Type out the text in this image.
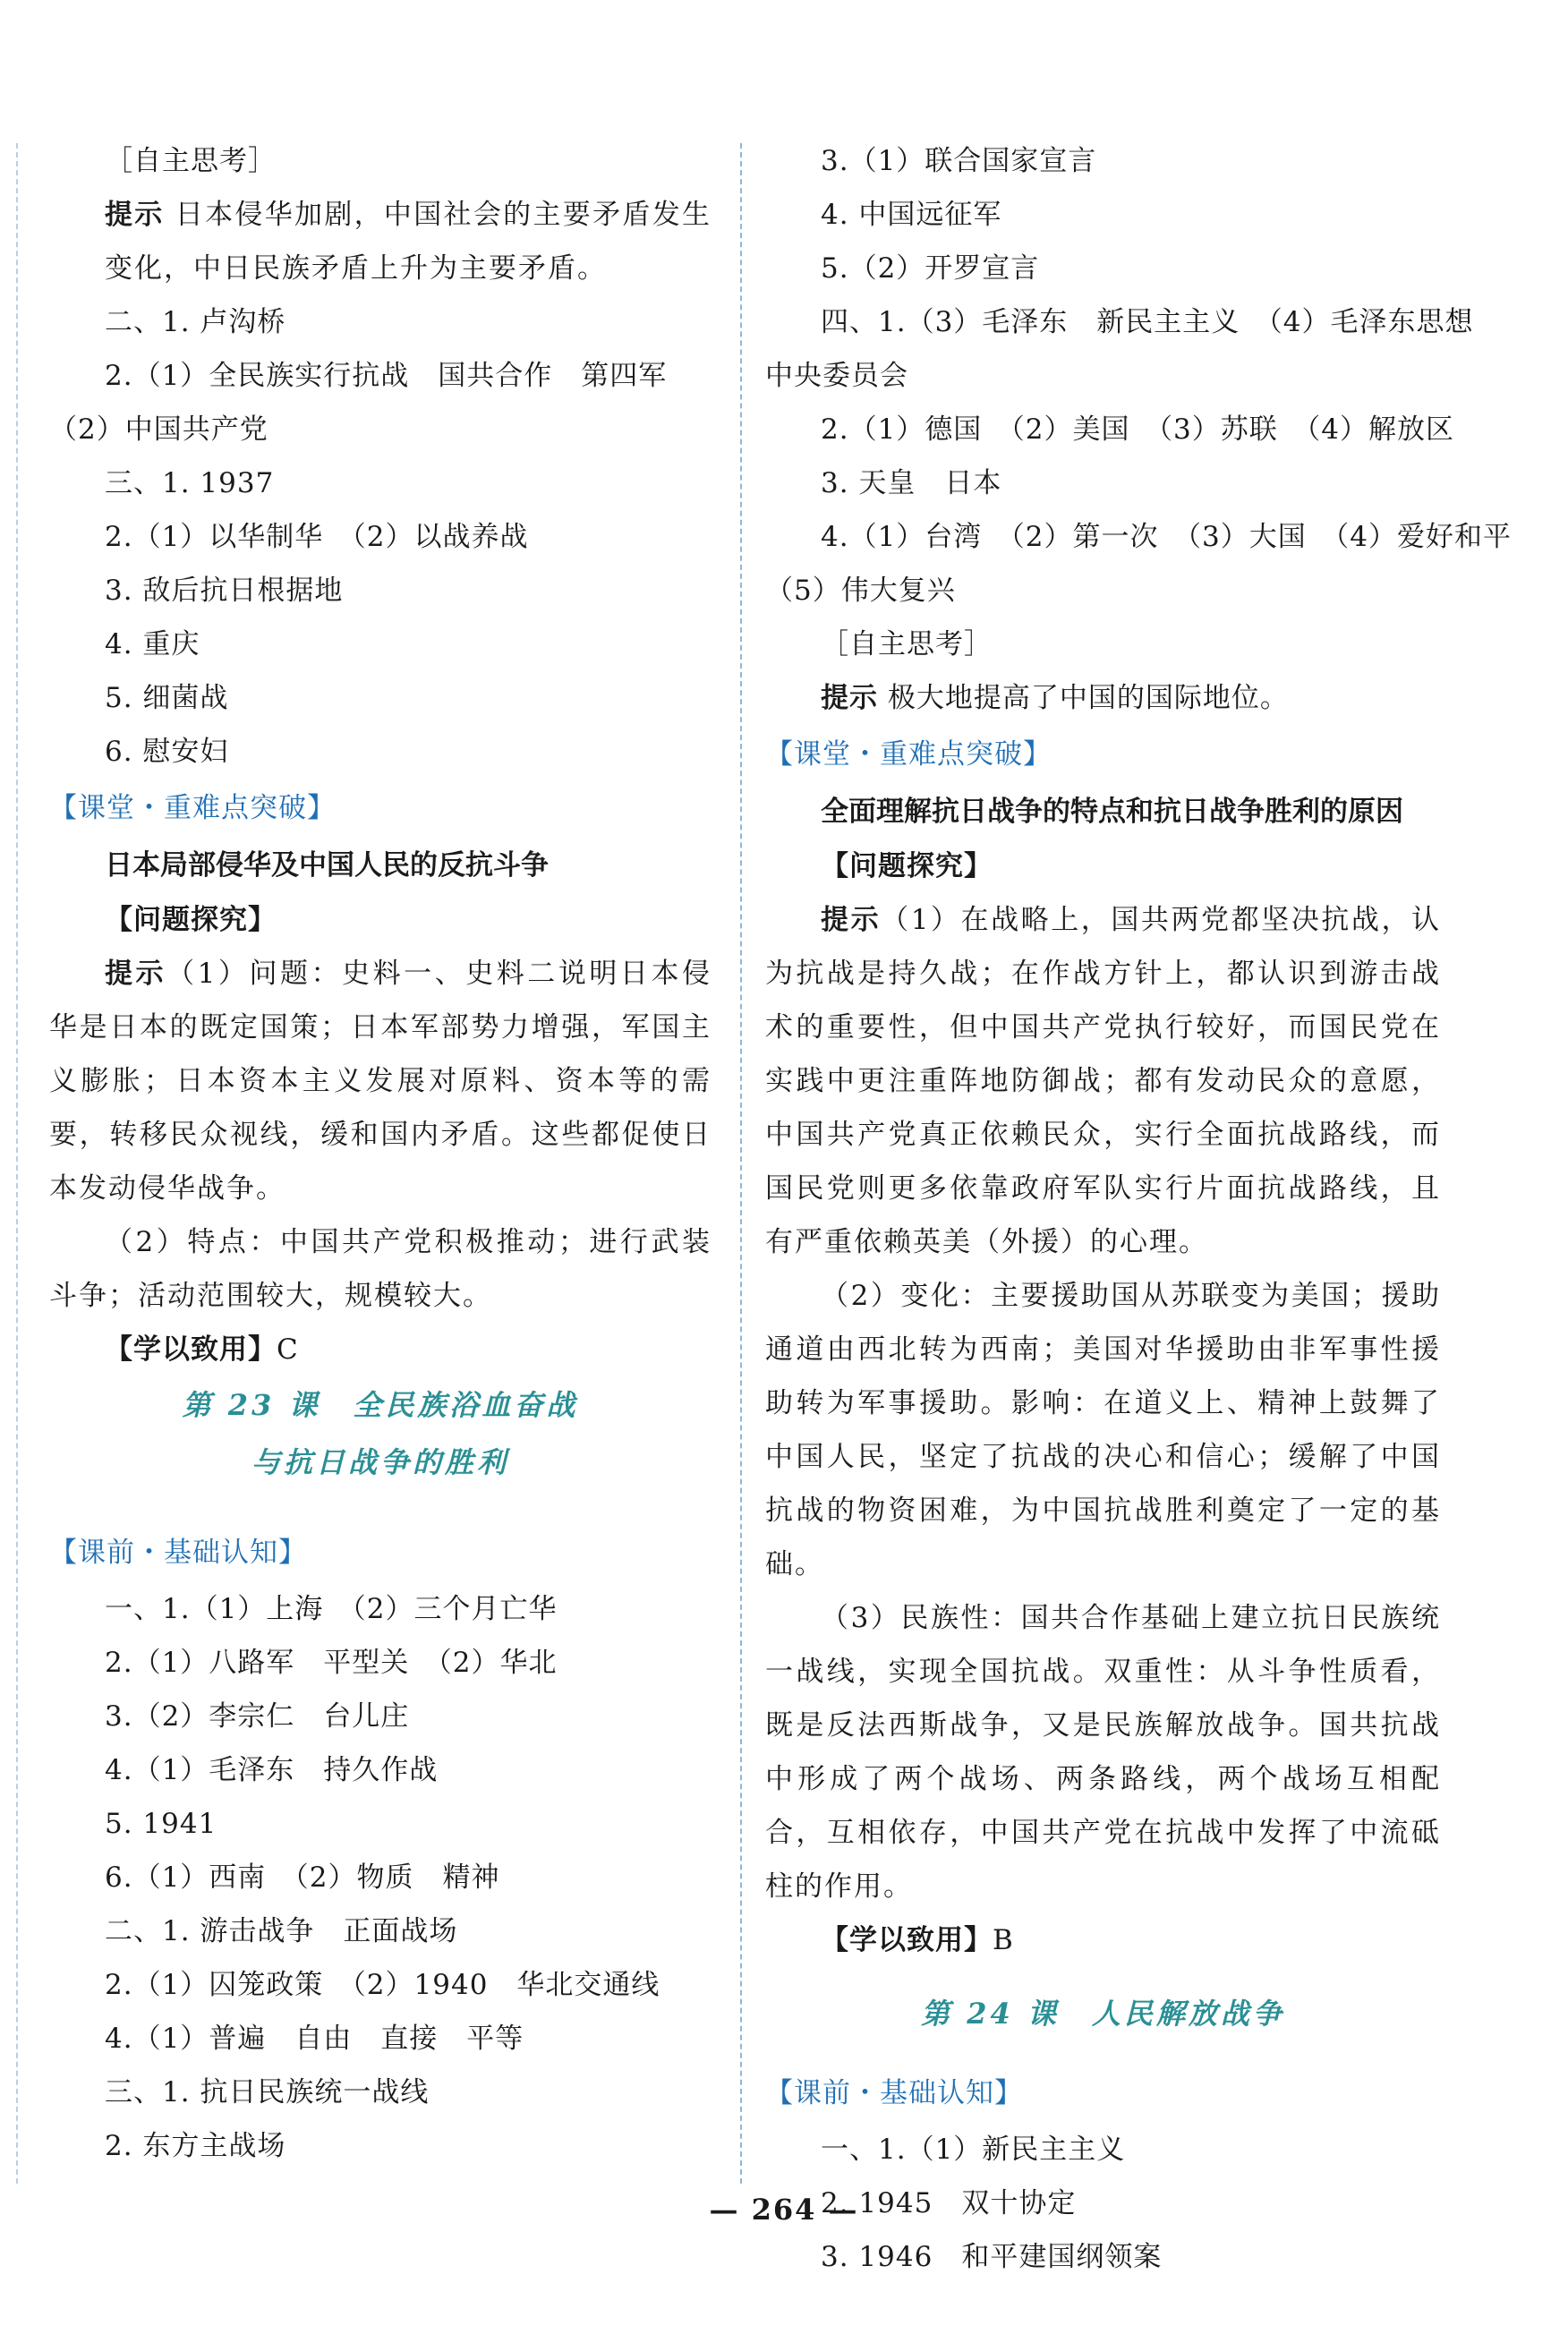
［自主思考］
提示 日本侵华加剧，中国社会的主要矛盾发生变化，中日民族矛盾上升为主要矛盾。
二、1. 卢沟桥
2.（1）全民族实行抗战　国共合作　第四军
（2）中国共产党
三、1. 1937
2.（1）以华制华　（2）以战养战
3. 敌后抗日根据地
4. 重庆
5. 细菌战
6. 慰安妇
【课堂・重难点突破】
日本局部侵华及中国人民的反抗斗争
【问题探究】
提示（1）问题：史料一、史料二说明日本侵华是日本的既定国策；日本军部势力增强，军国主义膨胀；日本资本主义发展对原料、资本等的需要，转移民众视线，缓和国内矛盾。这些都促使日本发动侵华战争。
（2）特点：中国共产党积极推动；进行武装斗争；活动范围较大，规模较大。
【学以致用】C
第 23 课　全民族浴血奋战
与抗日战争的胜利
【课前・基础认知】
一、1.（1）上海　（2）三个月亡华
2.（1）八路军　平型关　（2）华北
3.（2）李宗仁　台儿庄
4.（1）毛泽东　持久作战
5. 1941
6.（1）西南　（2）物质　精神
二、1. 游击战争　正面战场
2.（1）囚笼政策　（2）1940　华北交通线
4.（1）普遍　自由　直接　平等
三、1. 抗日民族统一战线
2. 东方主战场
3.（1）联合国家宣言
4. 中国远征军
5.（2）开罗宣言
四、1.（3）毛泽东　新民主主义　（4）毛泽东思想
中央委员会
2.（1）德国　（2）美国　（3）苏联　（4）解放区
3. 天皇　日本
4.（1）台湾　（2）第一次　（3）大国　（4）爱好和平
（5）伟大复兴
［自主思考］
提示 极大地提高了中国的国际地位。
【课堂・重难点突破】
全面理解抗日战争的特点和抗日战争胜利的原因
【问题探究】
提示（1）在战略上，国共两党都坚决抗战，认为抗战是持久战；在作战方针上，都认识到游击战术的重要性，但中国共产党执行较好，而国民党在实践中更注重阵地防御战；都有发动民众的意愿，中国共产党真正依赖民众，实行全面抗战路线，而国民党则更多依靠政府军队实行片面抗战路线，且有严重依赖英美（外援）的心理。
（2）变化：主要援助国从苏联变为美国；援助通道由西北转为西南；美国对华援助由非军事性援助转为军事援助。影响：在道义上、精神上鼓舞了中国人民，坚定了抗战的决心和信心；缓解了中国抗战的物资困难，为中国抗战胜利奠定了一定的基础。
（3）民族性：国共合作基础上建立抗日民族统一战线，实现全国抗战。双重性：从斗争性质看，既是反法西斯战争，又是民族解放战争。国共抗战中形成了两个战场、两条路线，两个战场互相配合，互相依存，中国共产党在抗战中发挥了中流砥柱的作用。
【学以致用】B
第 24 课　人民解放战争
【课前・基础认知】
一、1.（1）新民主主义
2. 1945　双十协定
3. 1946　和平建国纲领案
— 264 —
